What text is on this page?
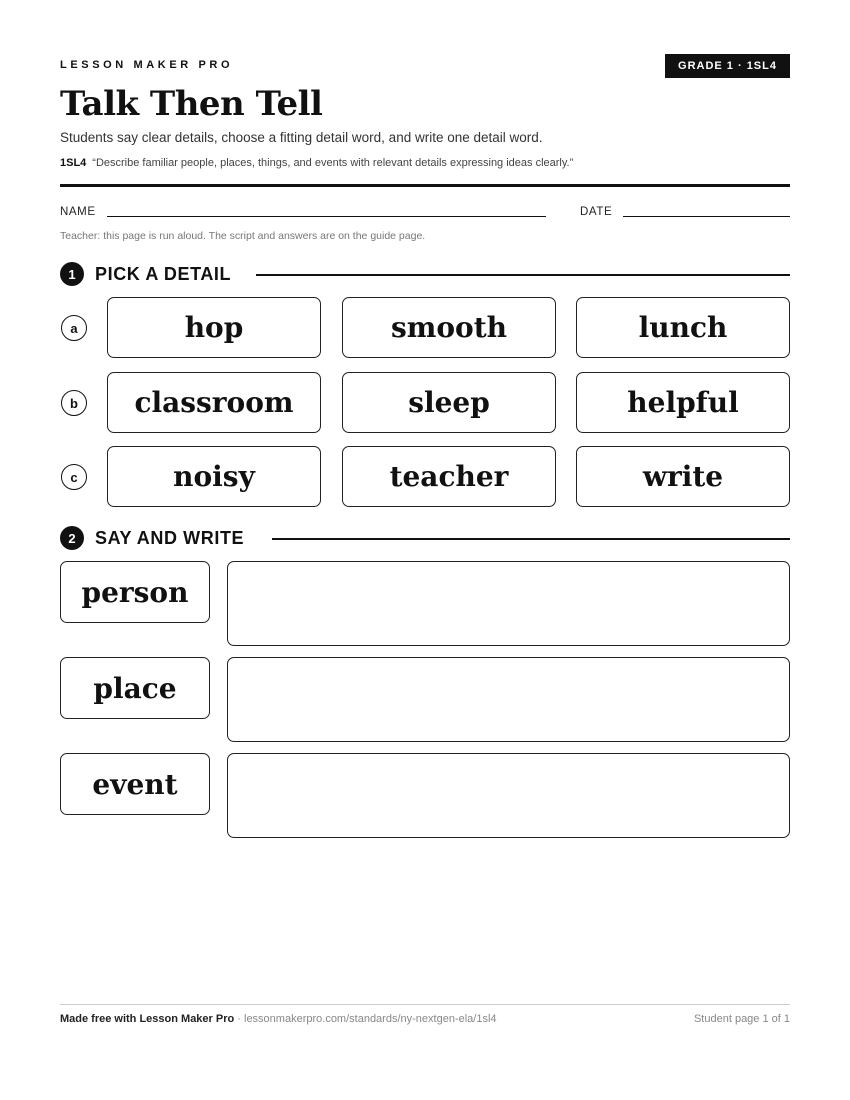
LESSON MAKER PRO	GRADE 1 · 1SL4
Talk Then Tell
Students say clear details, choose a fitting detail word, and write one detail word.
1SL4 “Describe familiar people, places, things, and events with relevant details expressing ideas clearly.”
NAME	DATE
Teacher: this page is run aloud. The script and answers are on the guide page.
1	PICK A DETAIL
a	hop	smooth	lunch
b	classroom	sleep	helpful
c	noisy	teacher	write
2	SAY AND WRITE
person
place
event
Made free with Lesson Maker Pro · lessonmakerpro.com/standards/ny-nextgen-ela/1sl4	Student page 1 of 1
